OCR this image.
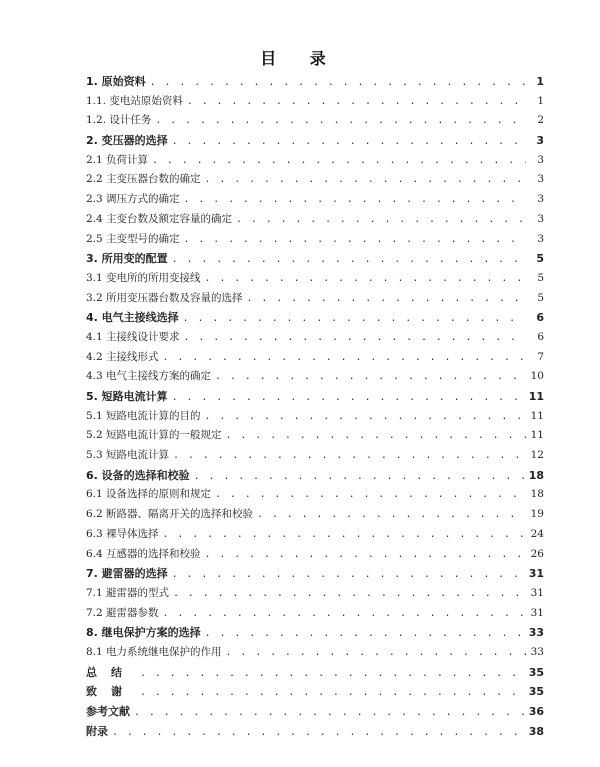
目 录
1. 原始资料 . . .	1
1.1. 变电站原始资料 . . .	1
1.2. 设计任务 . . .	2
2. 变压器的选择 . . .	3
2.1 负荷计算 . . .	3
2.2 主变压器台数的确定 . . .	3
2.3 调压方式的确定 . . .	3
2.4 主变台数及额定容量的确定 . . .	3
2.5 主变型号的确定 . . .	3
3. 所用变的配置 . . .	5
3.1 变电所的所用变接线 . . .	5
3.2 所用变压器台数及容量的选择 . . .	5
4. 电气主接线选择 . . .	6
4.1 主接线设计要求 . . .	6
4.2 主接线形式 . . .	7
4.3 电气主接线方案的确定 . . .	10
5. 短路电流计算 . . .	11
5.1 短路电流计算的目的 . . .	11
5.2 短路电流计算的一般规定 . . .	11
5.3 短路电流计算 . . .	12
6. 设备的选择和校验 . . .	18
6.1 设备选择的原则和规定 . . .	18
6.2 断路器、隔离开关的选择和校验 . . .	19
6.3 裸导体选择 . . .	24
6.4 互感器的选择和校验 . . .	26
7. 避雷器的选择 . . .	31
7.1 避雷器的型式 . . .	31
7.2 避雷器参数 . . .	31
8. 继电保护方案的选择 . . .	33
8.1 电力系统继电保护的作用 . . .	33
总结 . . .	35
致谢 . . .	35
参考文献 . . .	36
附录 . . .	38
